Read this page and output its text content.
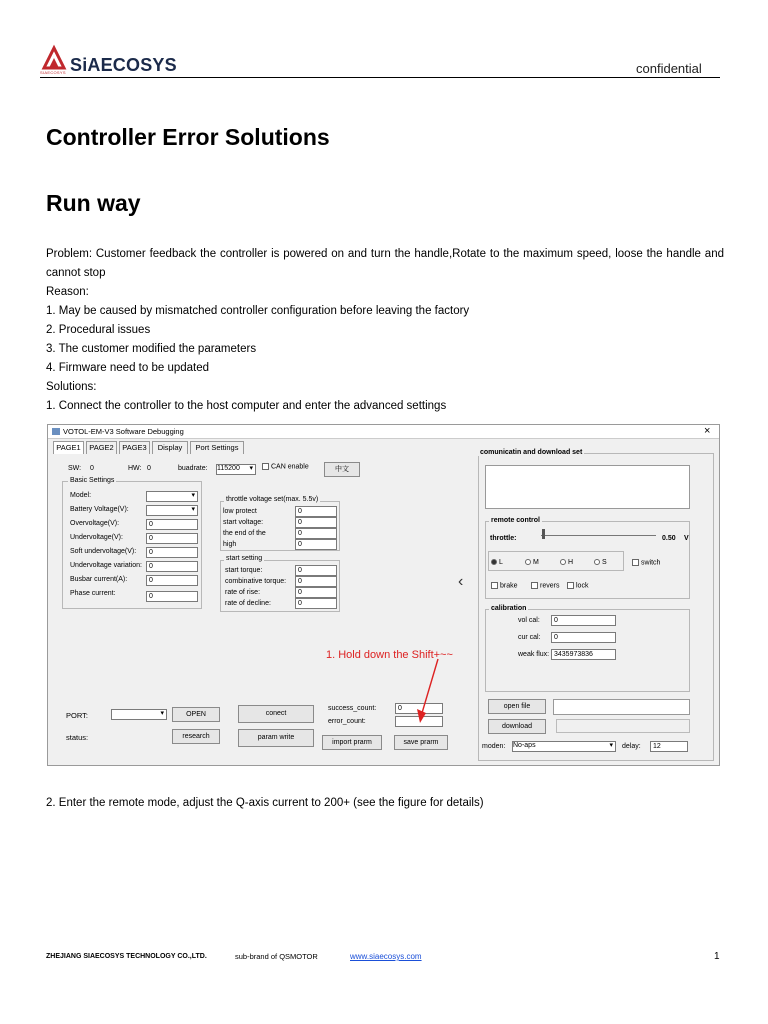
SiAECOSYS
SIAECOSYS	confidential
Controller Error Solutions
Run way
Problem: Customer feedback the controller is powered on and turn the handle,Rotate to the maximum speed, loose the handle and cannot stop
Reason:
1. May be caused by mismatched controller configuration before leaving the factory
2. Procedural issues
3. The customer modified the parameters
4. Firmware need to be updated
Solutions:
1. Connect the controller to the host computer and enter the advanced settings
VOTOL-EM-V3 Software Debugging	×
PAGE1	PAGE2	PAGE3	Display	Port Settings
SW: 0	HW: 0	buadrate: 115200 ▾	CAN enable	中文
Basic Settings
Model:
▾
Battery Voltage(V):
▾
Overvoltage(V):	0
Undervoltage(V):	0
Soft undervoltage(V):	0
Undervoltage variation:	0
Busbar current(A):	0
Phase current:	0
throttle voltage set(max. 5.5v)
low protect	0
start voltage:	0
the end of the	0
high	0
start setting
start torque:	0
combinative torque:	0
rate of rise:	0
rate of decline:	0
PORT: ▾	OPEN	conect
status:	research	param write
success_count:	0
error_count:
import prarm	save prarm
1. Hold down the Shift+~~
‹
comunicatin and download set
remote control
throttle:	0.50 V
L	M	H	S	switch
brake	revers	lock
calibration
vol cal:	0
cur cal:	0
weak flux: 3435973836
open file
download
moden: No-aps ▾	delay:	12
2. Enter the remote mode, adjust the Q-axis current to 200+ (see the figure for details)
ZHEJIANG SIAECOSYS TECHNOLOGY CO.,LTD.	sub-brand of QSMOTOR	www.siaecosys.com	1
